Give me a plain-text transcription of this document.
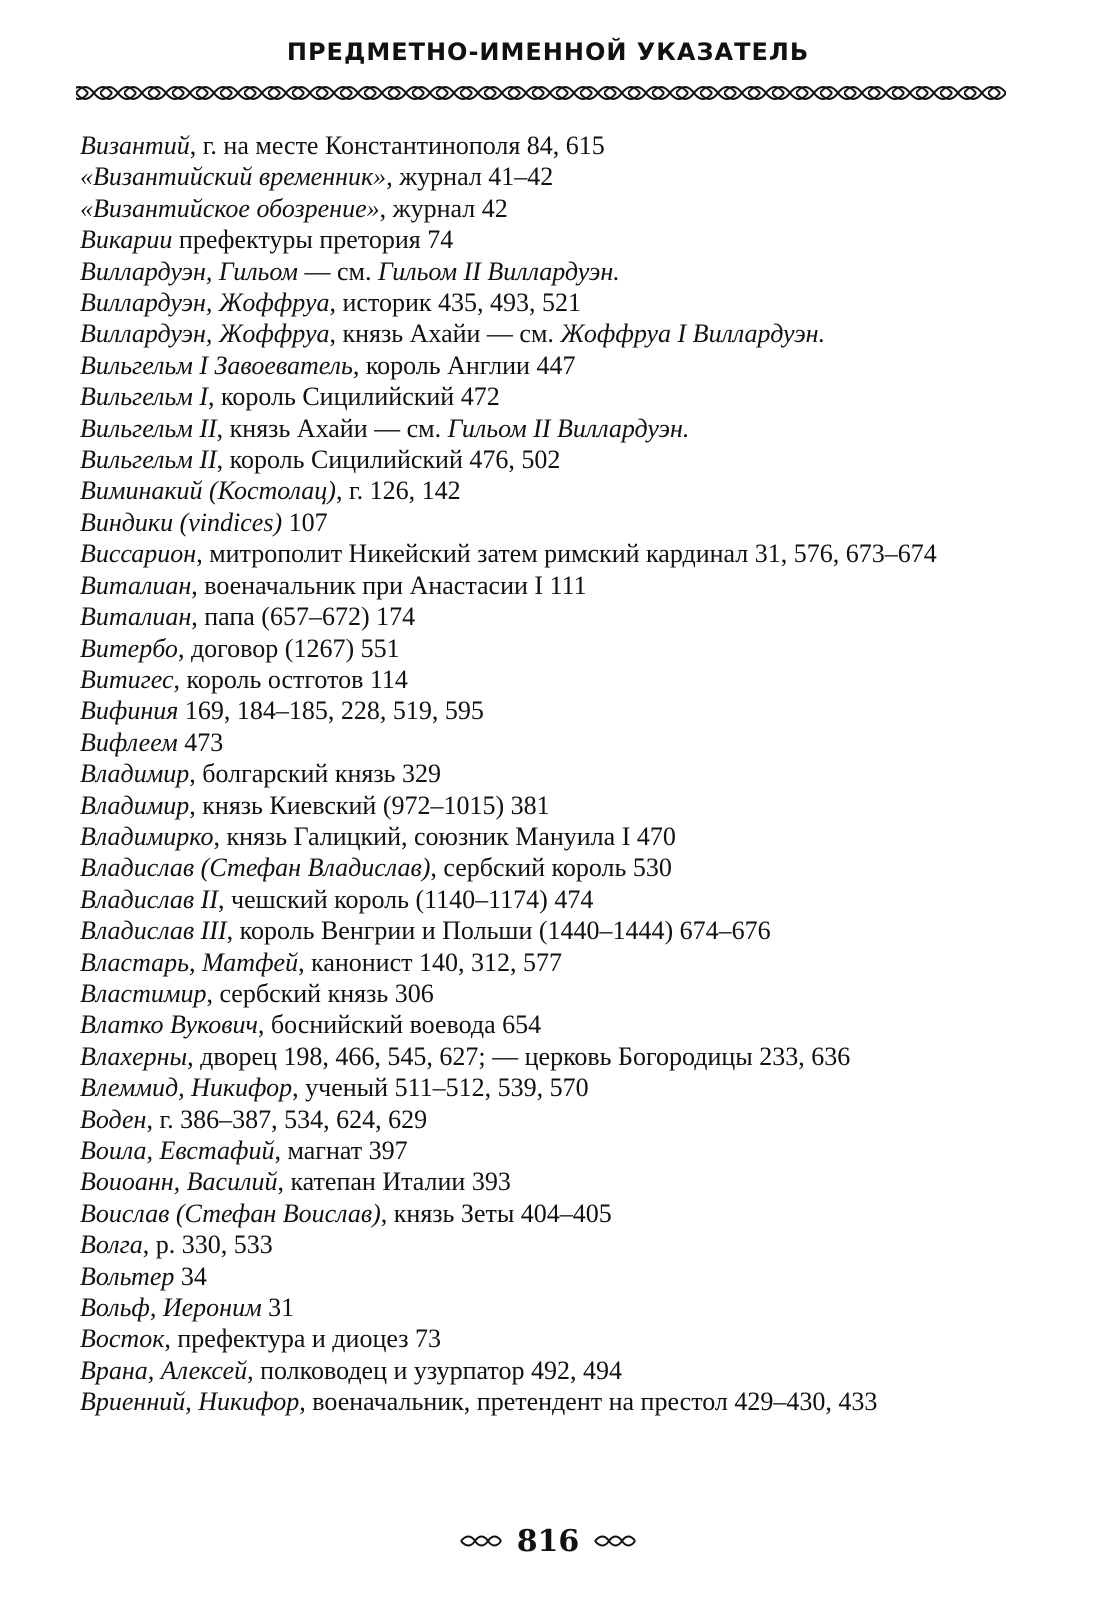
ПРЕДМЕТНО-ИМЕННОЙ УКАЗАТЕЛЬ
Византий, г. на месте Константинополя 84, 615
«Византийский временник», журнал 41–42
«Византийское обозрение», журнал 42
Викарии префектуры претория 74
Виллардуэн, Гильом — см. Гильом II Виллардуэн.
Виллардуэн, Жоффруа, историк 435, 493, 521
Виллардуэн, Жоффруа, князь Ахайи — см. Жоффруа I Виллардуэн.
Вильгельм I Завоеватель, король Англии 447
Вильгельм I, король Сицилийский 472
Вильгельм II, князь Ахайи — см. Гильом II Виллардуэн.
Вильгельм II, король Сицилийский 476, 502
Виминакий (Костолац), г. 126, 142
Виндики (vindices) 107
Виссарион, митрополит Никейский затем римский кардинал 31, 576, 673–674
Виталиан, военачальник при Анастасии I 111
Виталиан, папа (657–672) 174
Витербо, договор (1267) 551
Витигес, король остготов 114
Вифиния 169, 184–185, 228, 519, 595
Вифлеем 473
Владимир, болгарский князь 329
Владимир, князь Киевский (972–1015) 381
Владимирко, князь Галицкий, союзник Мануила I 470
Владислав (Стефан Владислав), сербский король 530
Владислав II, чешский король (1140–1174) 474
Владислав III, король Венгрии и Польши (1440–1444) 674–676
Властарь, Матфей, канонист 140, 312, 577
Властимир, сербский князь 306
Влатко Вукович, боснийский воевода 654
Влахерны, дворец 198, 466, 545, 627; — церковь Богородицы 233, 636
Влеммид, Никифор, ученый 511–512, 539, 570
Воден, г. 386–387, 534, 624, 629
Воила, Евстафий, магнат 397
Воиоанн, Василий, катепан Италии 393
Воислав (Стефан Воислав), князь Зеты 404–405
Волга, р. 330, 533
Вольтер 34
Вольф, Иероним 31
Восток, префектура и диоцез 73
Врана, Алексей, полководец и узурпатор 492, 494
Вриенний, Никифор, военачальник, претендент на престол 429–430, 433
816
